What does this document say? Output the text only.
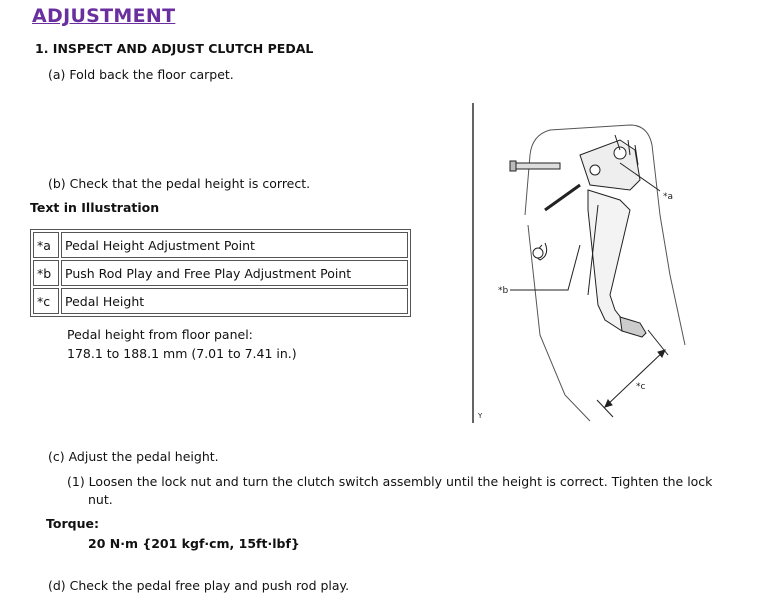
ADJUSTMENT
1. INSPECT AND ADJUST CLUTCH PEDAL
(a) Fold back the floor carpet.
(b) Check that the pedal height is correct.
Text in Illustration
*a	Pedal Height Adjustment Point
*b	Push Rod Play and Free Play Adjustment Point
*c	Pedal Height
Pedal height from floor panel:
178.1 to 188.1 mm (7.01 to 7.41 in.)
*a
*b
*c
Y
(c) Adjust the pedal height.
(1) Loosen the lock nut and turn the clutch switch assembly until the height is correct. Tighten the lock
nut.
Torque:
20 N·m {201 kgf·cm, 15ft·lbf}
(d) Check the pedal free play and push rod play.
